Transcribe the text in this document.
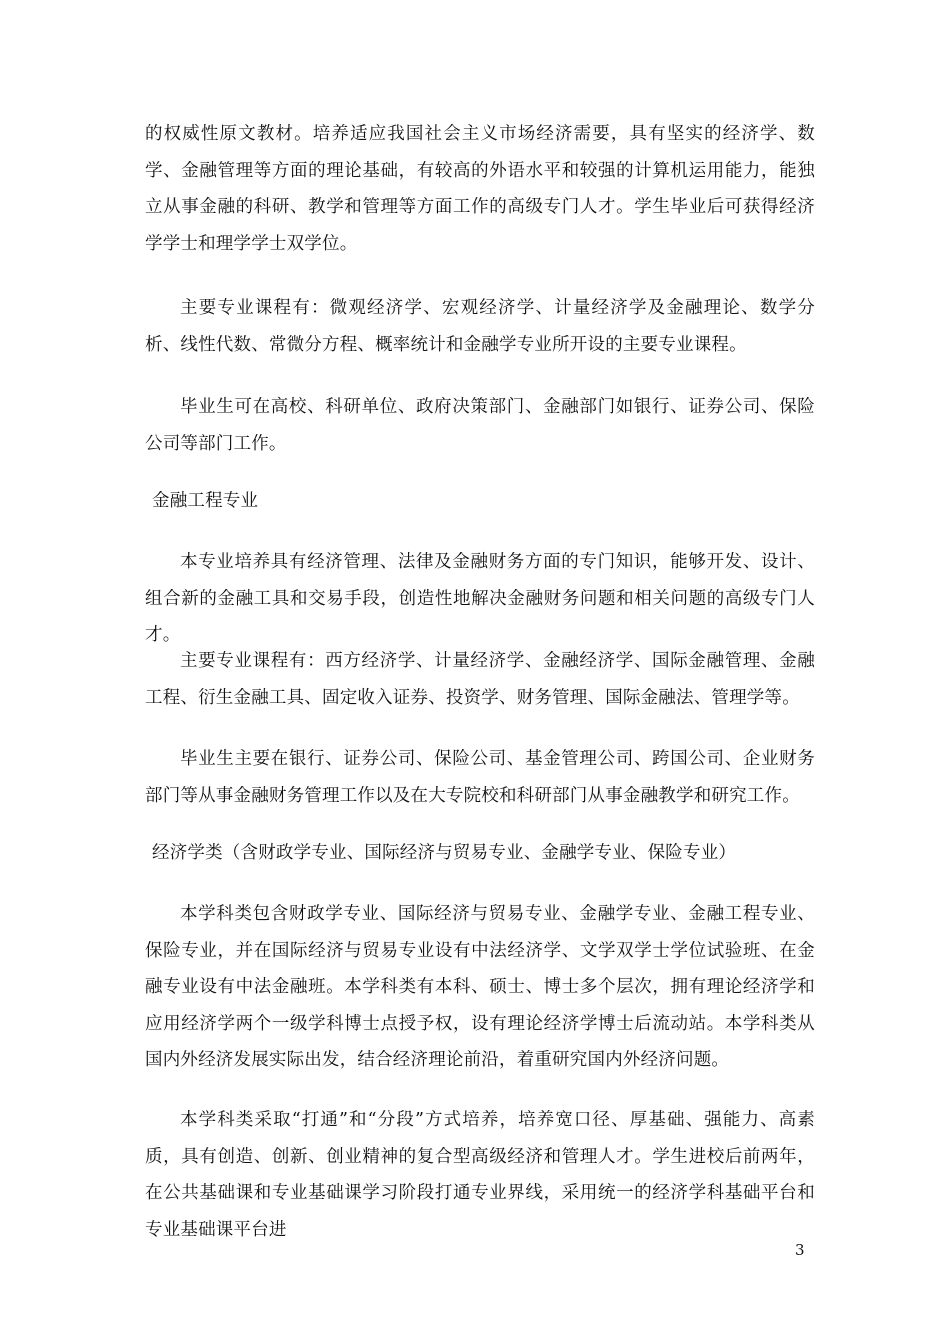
的权威性原文教材。培养适应我国社会主义市场经济需要，具有坚实的经济学、数学、金融管理等方面的理论基础，有较高的外语水平和较强的计算机运用能力，能独立从事金融的科研、教学和管理等方面工作的高级专门人才。学生毕业后可获得经济学学士和理学学士双学位。

主要专业课程有：微观经济学、宏观经济学、计量经济学及金融理论、数学分析、线性代数、常微分方程、概率统计和金融学专业所开设的主要专业课程。

毕业生可在高校、科研单位、政府决策部门、金融部门如银行、证券公司、保险公司等部门工作。

金融工程专业

本专业培养具有经济管理、法律及金融财务方面的专门知识，能够开发、设计、组合新的金融工具和交易手段，创造性地解决金融财务问题和相关问题的高级专门人才。

主要专业课程有：西方经济学、计量经济学、金融经济学、国际金融管理、金融工程、衍生金融工具、固定收入证券、投资学、财务管理、国际金融法、管理学等。

毕业生主要在银行、证券公司、保险公司、基金管理公司、跨国公司、企业财务部门等从事金融财务管理工作以及在大专院校和科研部门从事金融教学和研究工作。

经济学类（含财政学专业、国际经济与贸易专业、金融学专业、保险专业）

本学科类包含财政学专业、国际经济与贸易专业、金融学专业、金融工程专业、保险专业，并在国际经济与贸易专业设有中法经济学、文学双学士学位试验班、在金融专业设有中法金融班。本学科类有本科、硕士、博士多个层次，拥有理论经济学和应用经济学两个一级学科博士点授予权，设有理论经济学博士后流动站。本学科类从国内外经济发展实际出发，结合经济理论前沿，着重研究国内外经济问题。

本学科类采取“打通”和“分段”方式培养，培养宽口径、厚基础、强能力、高素质，具有创造、创新、创业精神的复合型高级经济和管理人才。学生进校后前两年，在公共基础课和专业基础课学习阶段打通专业界线，采用统一的经济学科基础平台和专业基础课平台进

3
